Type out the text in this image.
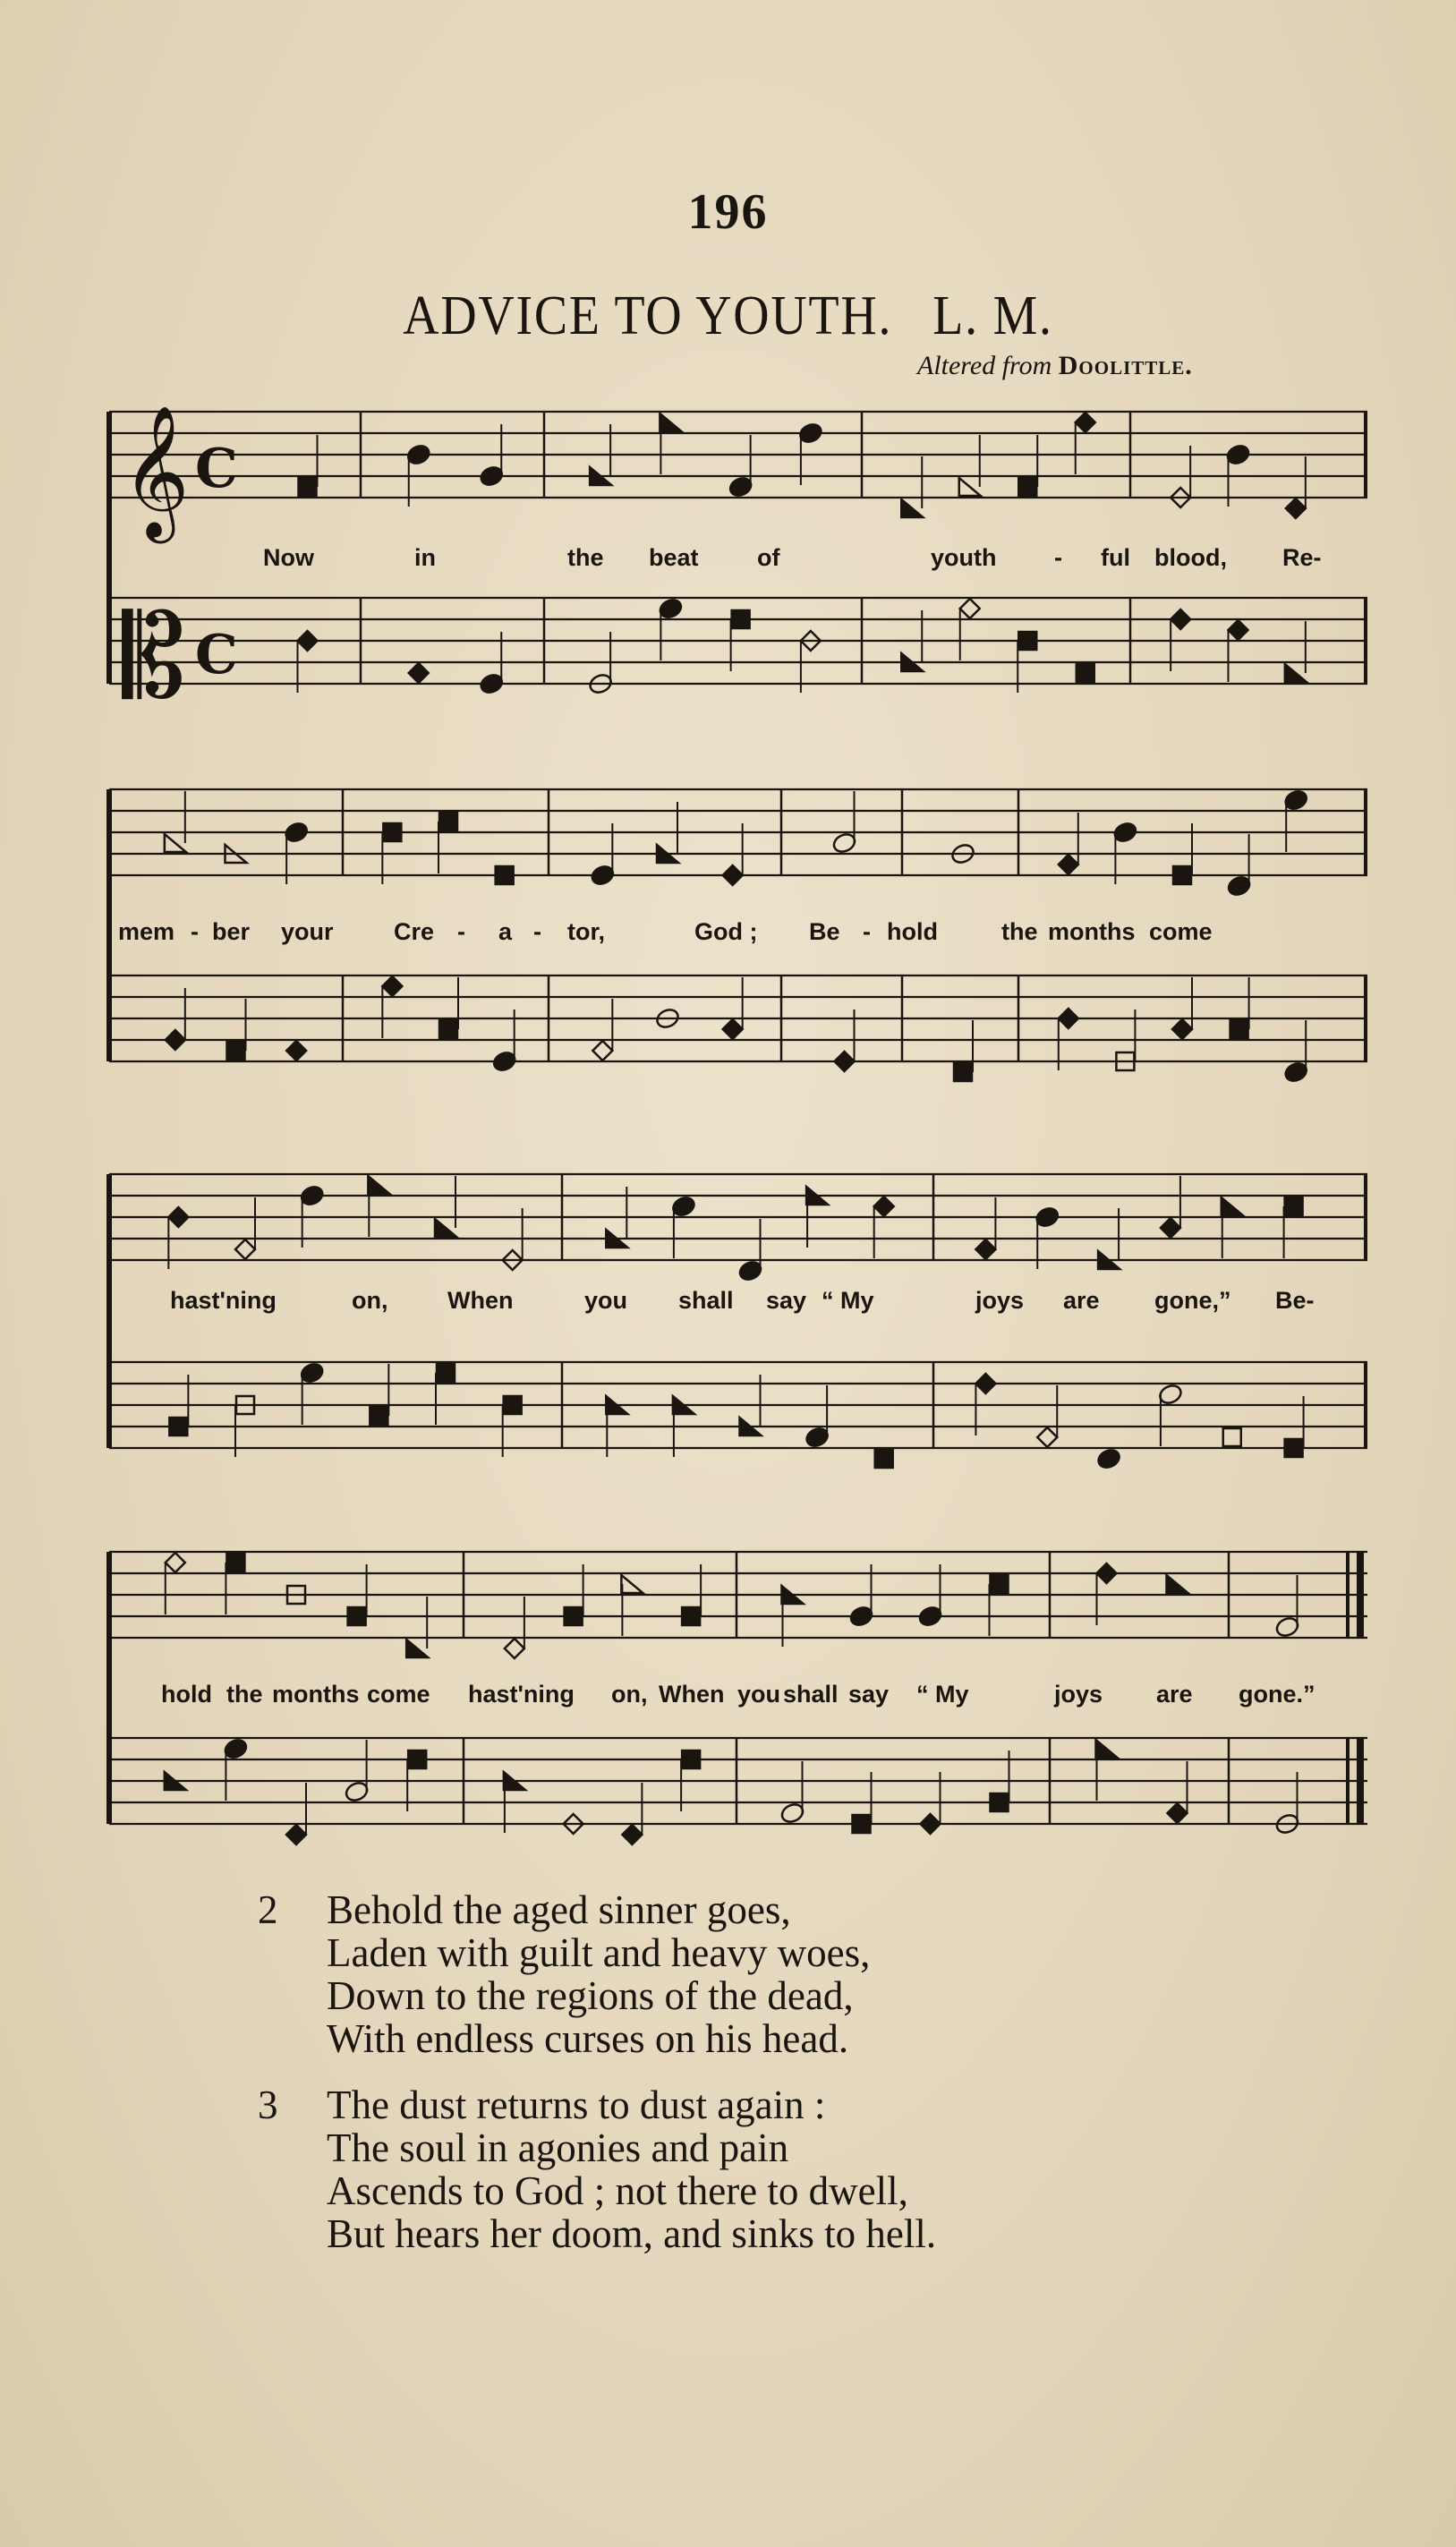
196
ADVICE TO YOUTH. L. M.
Altered from Doolittle.
𝄞 C
𝄡 C
Now	in	the beat of	youth - ful blood, Re-
mem - ber your Cre - a - tor,	God ; Be - hold	the months come
hast'ning	on, When	you shall say “ My	joys are gone,” Be-
hold the months come hast'ning on, When you shall say “ My	joys are gone.”
2 Behold the aged sinner goes,
Laden with guilt and heavy woes,
Down to the regions of the dead,
With endless curses on his head.
3 The dust returns to dust again :
The soul in agonies and pain
Ascends to God ; not there to dwell,
But hears her doom, and sinks to hell.
